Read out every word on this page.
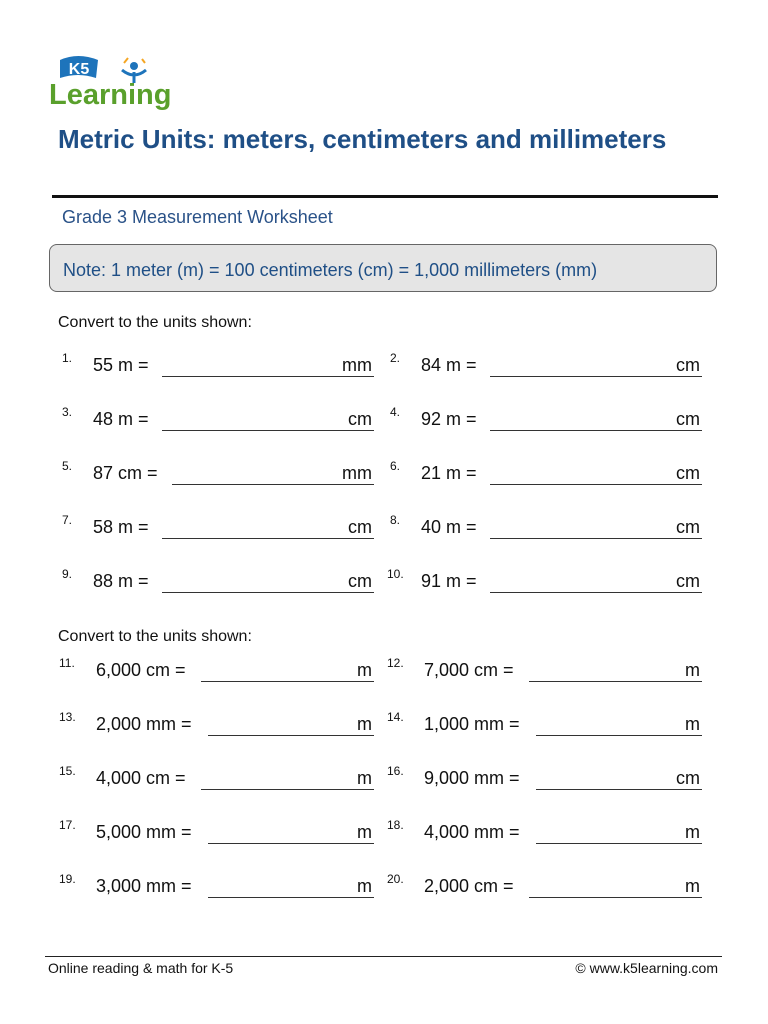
K5
Learning
Metric Units: meters, centimeters and millimeters
Grade 3 Measurement Worksheet
Note: 1 meter (m) = 100 centimeters (cm) = 1,000 millimeters (mm)
Convert to the units shown:
1. 55 m =	mm 2. 84 m =	cm
3. 48 m =	cm 4. 92 m =	cm
5. 87 cm =	mm 6. 21 m =	cm
7. 58 m =	cm 8. 40 m =	cm
9. 88 m =	cm 10. 91 m =	cm
Convert to the units shown:
11. 6,000 cm =	m 12. 7,000 cm =	m
13. 2,000 mm =	m 14. 1,000 mm =	m
15. 4,000 cm =	m 16. 9,000 mm =	cm
17. 5,000 mm =	m 18. 4,000 mm =	m
19. 3,000 mm =	m 20. 2,000 cm =	m
Online reading & math for K-5	© www.k5learning.com
